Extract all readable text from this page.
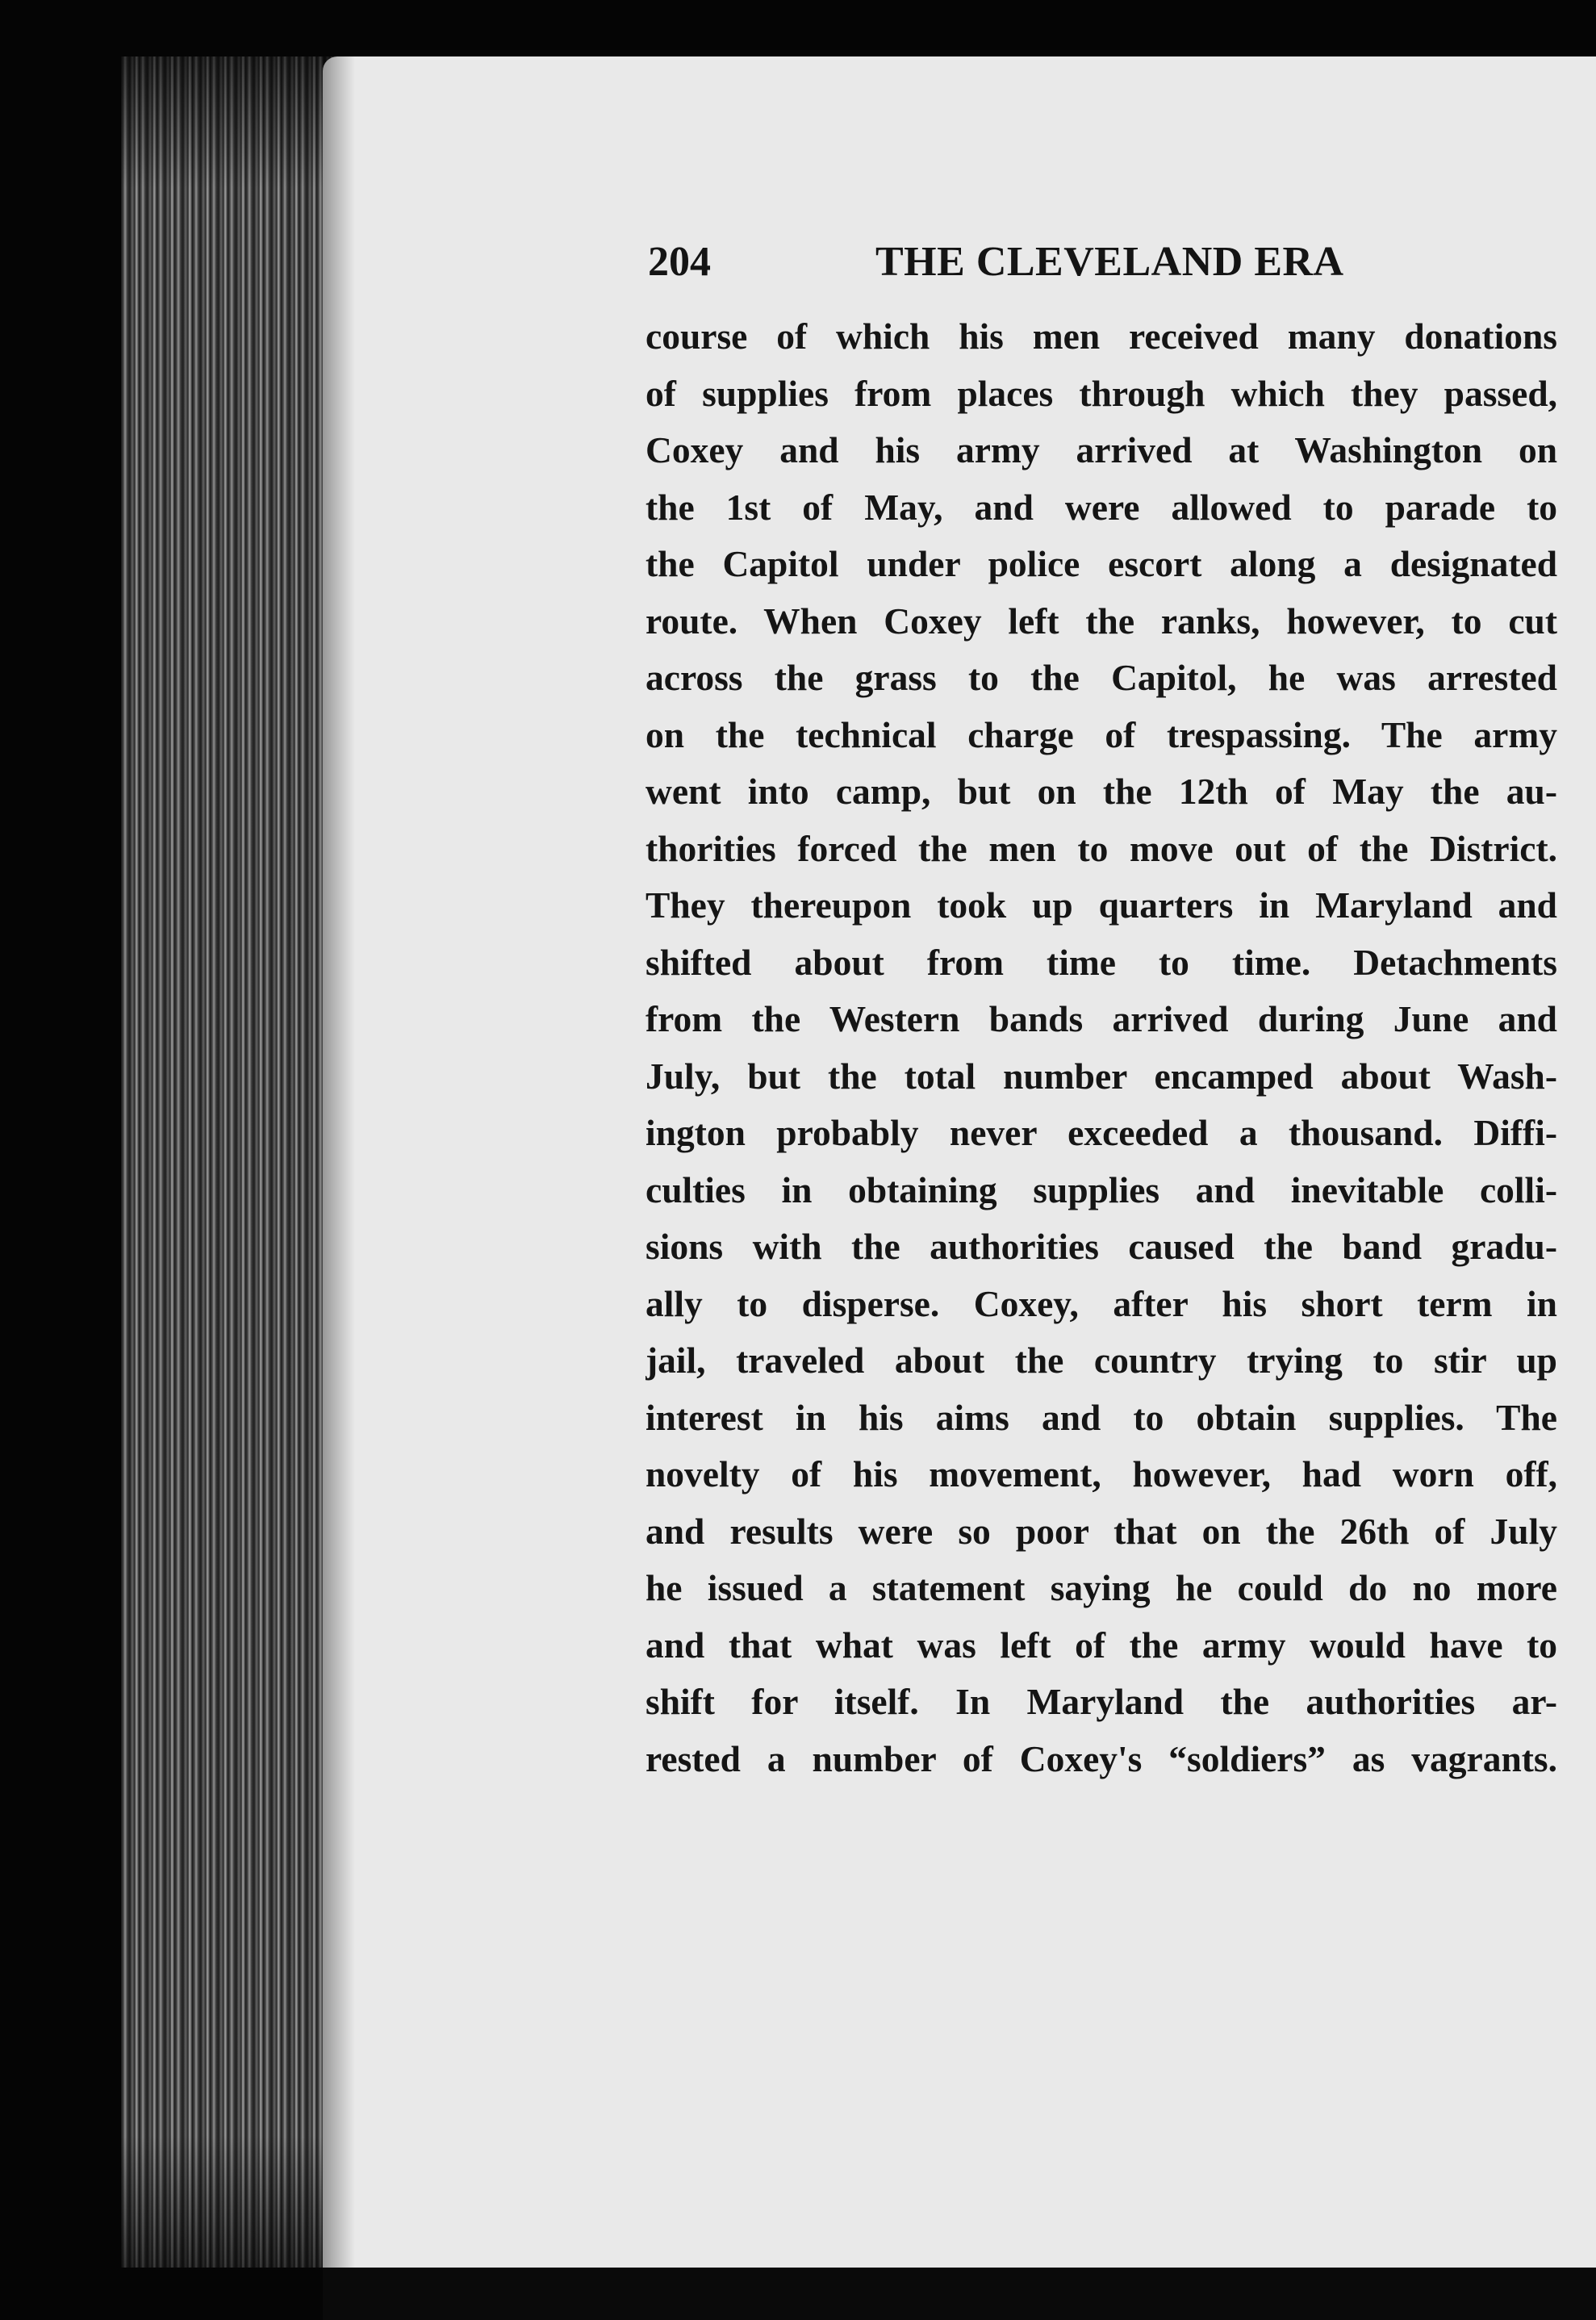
204	THE CLEVELAND ERA
course of which his men received many donations
of supplies from places through which they passed,
Coxey and his army arrived at Washington on
the 1st of May, and were allowed to parade to
the Capitol under police escort along a designated
route. When Coxey left the ranks, however, to cut
across the grass to the Capitol, he was arrested
on the technical charge of trespassing. The army
went into camp, but on the 12th of May the au-
thorities forced the men to move out of the District.
They thereupon took up quarters in Maryland and
shifted about from time to time. Detachments
from the Western bands arrived during June and
July, but the total number encamped about Wash-
ington probably never exceeded a thousand. Diffi-
culties in obtaining supplies and inevitable colli-
sions with the authorities caused the band gradu-
ally to disperse. Coxey, after his short term in
jail, traveled about the country trying to stir up
interest in his aims and to obtain supplies. The
novelty of his movement, however, had worn off,
and results were so poor that on the 26th of July
he issued a statement saying he could do no more
and that what was left of the army would have to
shift for itself. In Maryland the authorities ar-
rested a number of Coxey's “soldiers” as vagrants.
